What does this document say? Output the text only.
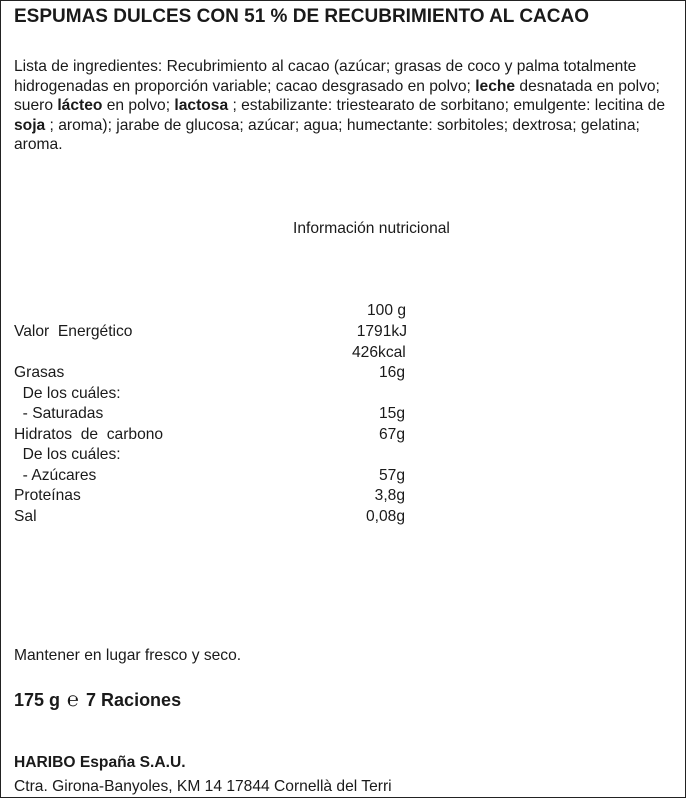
ESPUMAS DULCES CON 51 % DE RECUBRIMIENTO AL CACAO
Lista de ingredientes: Recubrimiento al cacao (azúcar; grasas de coco y palma totalmente hidrogenadas en proporción variable; cacao desgrasado en polvo; leche desnatada en polvo; suero lácteo en polvo; lactosa ; estabilizante: triestearato de sorbitano; emulgente: lecitina de soja ; aroma); jarabe de glucosa; azúcar; agua; humectante: sorbitoles; dextrosa; gelatina; aroma.
Información nutricional
100 g
Valor  Energético	1791kJ
426kcal
Grasas	16g
De los cuáles:
- Saturadas	15g
Hidratos  de  carbono	67g
De los cuáles:
- Azúcares	57g
Proteínas	3,8g
Sal	0,08g
Mantener en lugar fresco y seco.
175 g ℮ 7 Raciones
HARIBO España S.A.U.
Ctra. Girona-Banyoles, KM 14 17844 Cornellà del Terri
